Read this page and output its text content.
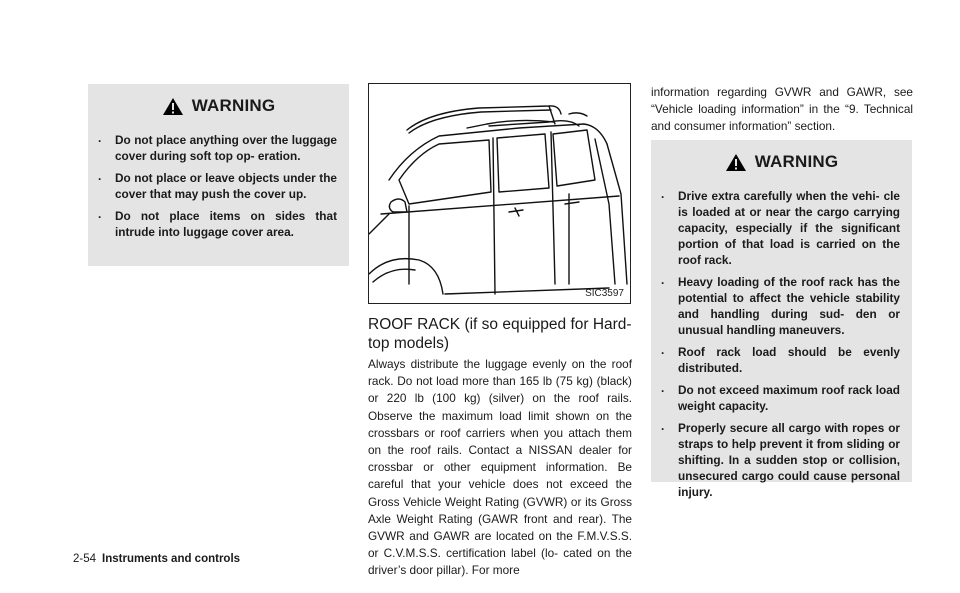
WARNING
. Do not place anything over the luggage cover during soft top op- eration.
. Do not place or leave objects under the cover that may push the cover up.
. Do not place items on sides that intrude into luggage cover area.
SIC3597
ROOF RACK (if so equipped for Hard- top models)
Always distribute the luggage evenly on the roof rack. Do not load more than 165 lb (75 kg) (black) or 220 lb (100 kg) (silver) on the roof rails. Observe the maximum load limit shown on the crossbars or roof carriers when you attach them on the roof rails. Contact a NISSAN dealer for crossbar or other equipment information. Be careful that your vehicle does not exceed the Gross Vehicle Weight Rating (GVWR) or its Gross Axle Weight Rating (GAWR front and rear). The GVWR and GAWR are located on the F.M.V.S.S. or C.V.M.S.S. certification label (lo- cated on the driver’s door pillar). For more
information regarding GVWR and GAWR, see “Vehicle loading information” in the “9. Technical and consumer information” section.
WARNING
. Drive extra carefully when the vehi- cle is loaded at or near the cargo carrying capacity, especially if the significant portion of that load is carried on the roof rack.
. Heavy loading of the roof rack has the potential to affect the vehicle stability and handling during sud- den or unusual handling maneuvers.
. Roof rack load should be evenly distributed.
. Do not exceed maximum roof rack load weight capacity.
. Properly secure all cargo with ropes or straps to help prevent it from sliding or shifting. In a sudden stop or collision, unsecured cargo could cause personal injury.
2-54 Instruments and controls
